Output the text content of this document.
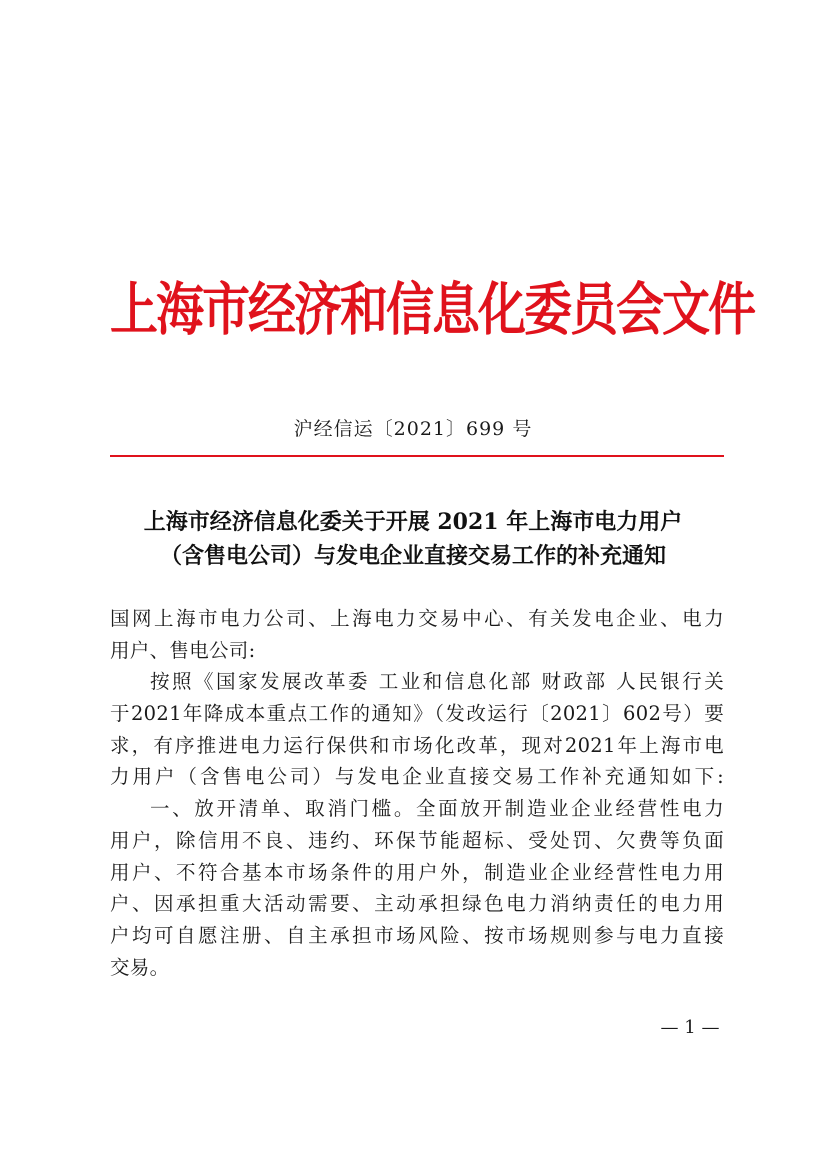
上海市经济和信息化委员会文件
沪经信运〔2021〕699 号
上海市经济信息化委关于开展 2021 年上海市电力用户
（含售电公司）与发电企业直接交易工作的补充通知
国网上海市电力公司、上海电力交易中心、有关发电企业、电力
用户、售电公司:
按照《国家发展改革委 工业和信息化部 财政部 人民银行关
于2021年降成本重点工作的通知》（发改运行〔2021〕602号）要
求，有序推进电力运行保供和市场化改革，现对2021年上海市电
力用户（含售电公司）与发电企业直接交易工作补充通知如下:
一、放开清单、取消门槛。全面放开制造业企业经营性电力
用户，除信用不良、违约、环保节能超标、受处罚、欠费等负面
用户、不符合基本市场条件的用户外，制造业企业经营性电力用
户、因承担重大活动需要、主动承担绿色电力消纳责任的电力用
户均可自愿注册、自主承担市场风险、按市场规则参与电力直接
交易。
— 1 —
